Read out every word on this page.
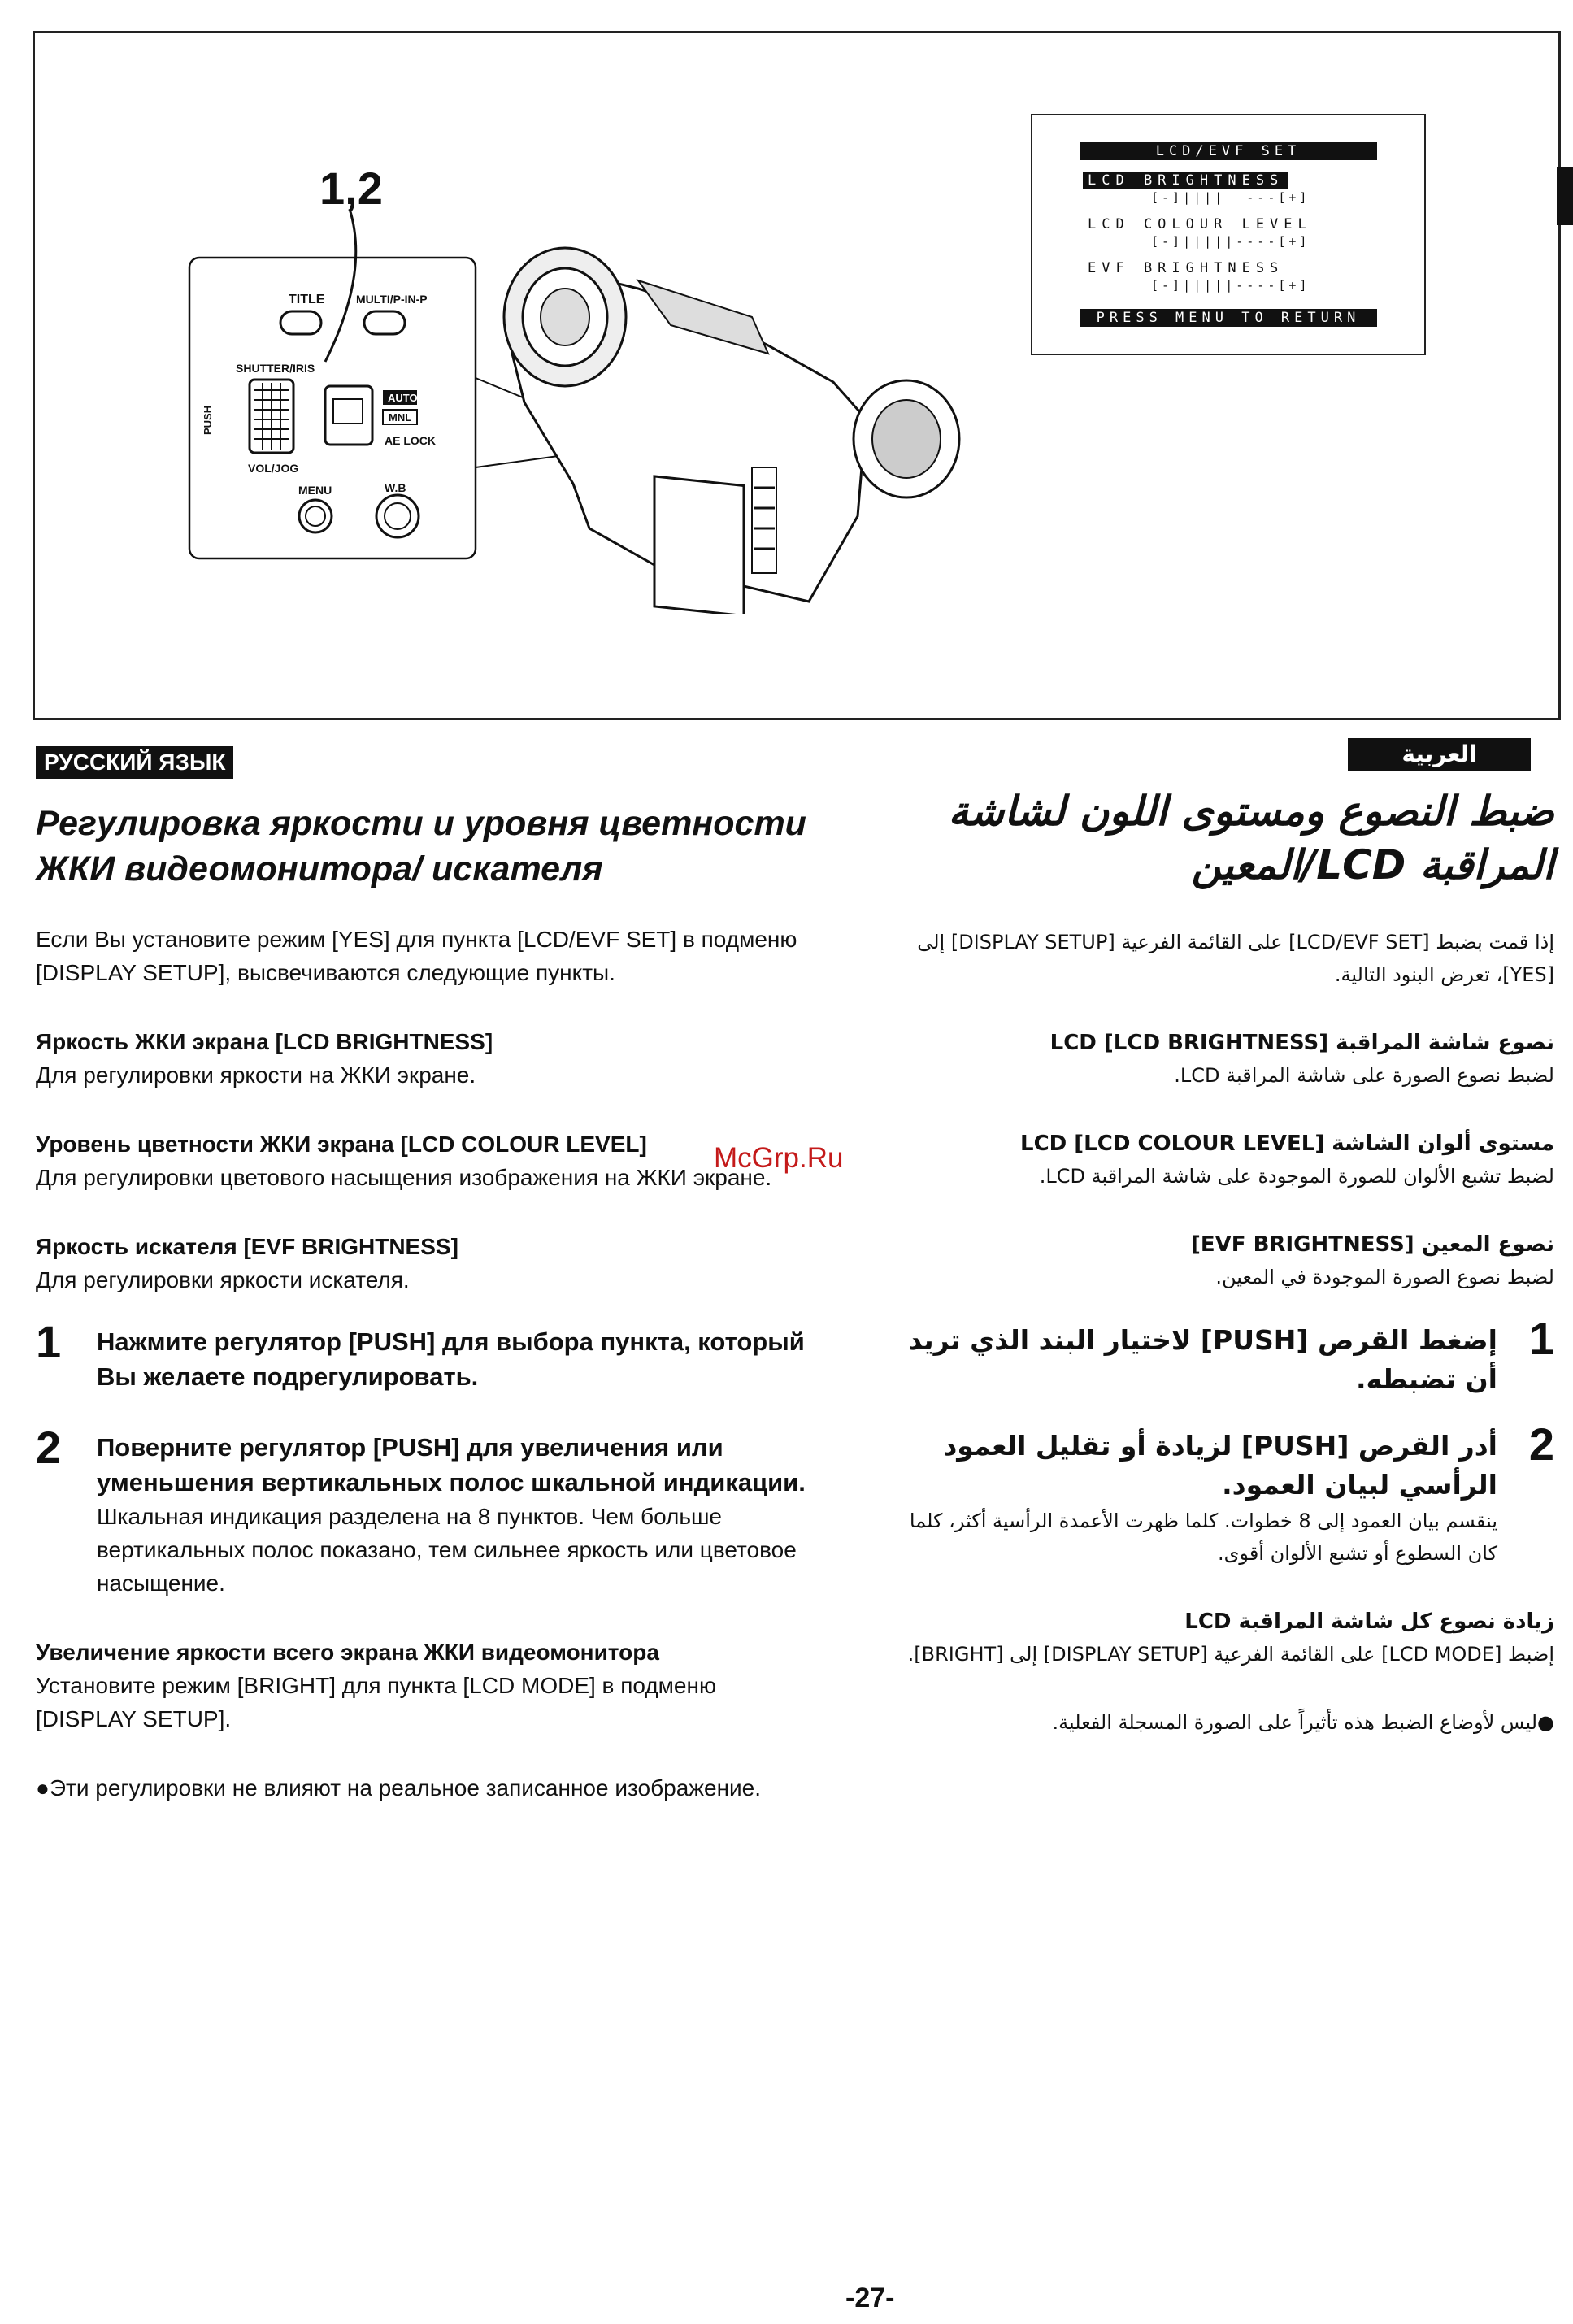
1,2
TITLE	MULTI/P-IN-P
SHUTTER/IRIS
PUSH
VOL/JOG
AUTO
MNL
AE LOCK
MENU	W.B
LCD/EVF SET
LCD BRIGHTNESS
[-]||||  ---[+]
LCD COLOUR LEVEL
[-]|||||----[+]
EVF BRIGHTNESS
[-]|||||----[+]
PRESS MENU TO RETURN
РУССКИЙ ЯЗЫК	العربية
Регулировка яркости и уровня цветности ЖКИ видеомонитора/ искателя

Если Вы установите режим [YES] для пункта [LCD/EVF SET] в подменю [DISPLAY SETUP], высвечиваются следующие пункты.

Яркость ЖКИ экрана [LCD BRIGHTNESS]

Для регулировки яркости на ЖКИ экране.

Уровень цветности ЖКИ экрана [LCD COLOUR LEVEL]

Для регулировки цветового насыщения изображения на ЖКИ экране.

Яркость искателя [EVF BRIGHTNESS]

Для регулировки яркости искателя.

1 Нажмите регулятор [PUSH] для выбора пункта, который Вы желаете подрегулировать.
2 Поверните регулятор [PUSH] для увеличения или уменьшения вертикальных полос шкальной индикации.
Шкальная индикация разделена на 8 пунктов. Чем больше вертикальных полос показано, тем сильнее яркость или цветовое насыщение.

Увеличение яркости всего экрана ЖКИ видеомонитора

Установите режим [BRIGHT] для пункта [LCD MODE] в подменю [DISPLAY SETUP].

●Эти регулировки не влияют на реальное записанное изображение.

ضبط النصوع ومستوى اللون لشاشة المراقبة LCD/المعين

إذا قمت بضبط [LCD/EVF SET] على القائمة الفرعية [DISPLAY SETUP] إلى [YES]، تعرض البنود التالية.

نصوع شاشة المراقبة LCD [LCD BRIGHTNESS]

لضبط نصوع الصورة على شاشة المراقبة LCD.

مستوى ألوان الشاشة LCD [LCD COLOUR LEVEL]

لضبط تشبع الألوان للصورة الموجودة على شاشة المراقبة LCD.

نصوع المعين [EVF BRIGHTNESS]

لضبط نصوع الصورة الموجودة في المعين.

1
إضغط القرص [PUSH] لاختيار البند الذي تريد أن تضبطه.
2
أدر القرص [PUSH] لزيادة أو تقليل العمود الرأسي لبيان العمود.
ينقسم بيان العمود إلى 8 خطوات. كلما ظهرت الأعمدة الرأسية أكثر، كلما كان السطوع أو تشبع الألوان أقوى.

زيادة نصوع كل شاشة المراقبة LCD

إضبط [LCD MODE] على القائمة الفرعية [DISPLAY SETUP] إلى [BRIGHT].

●ليس لأوضاع الضبط هذه تأثيراً على الصورة المسجلة الفعلية.

McGrp.Ru
-27-
